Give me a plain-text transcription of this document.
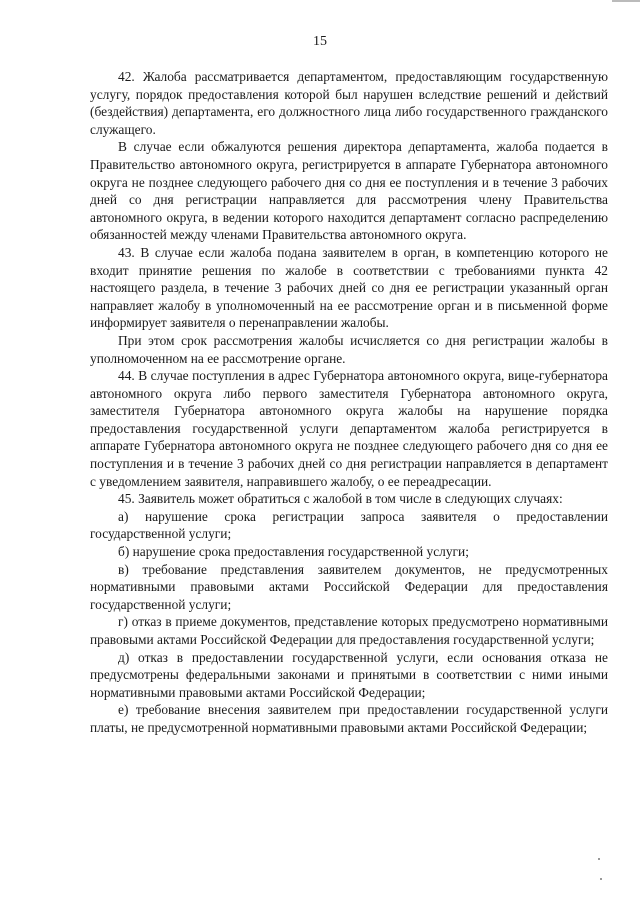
15

42. Жалоба рассматривается департаментом, предоставляющим государственную услугу, порядок предоставления которой был нарушен вследствие решений и действий (бездействия) департамента, его должностного лица либо государственного гражданского служащего.

В случае если обжалуются решения директора департамента, жалоба подается в Правительство автономного округа, регистрируется в аппарате Губернатора автономного округа не позднее следующего рабочего дня со дня ее поступления и в течение 3 рабочих дней со дня регистрации направляется для рассмотрения члену Правительства автономного округа, в ведении которого находится департамент согласно распределению обязанностей между членами Правительства автономного округа.

43. В случае если жалоба подана заявителем в орган, в компетенцию которого не входит принятие решения по жалобе в соответствии с требованиями пункта 42 настоящего раздела, в течение 3 рабочих дней со дня ее регистрации указанный орган направляет жалобу в уполномоченный на ее рассмотрение орган и в письменной форме информирует заявителя о перенаправлении жалобы.

При этом срок рассмотрения жалобы исчисляется со дня регистрации жалобы в уполномоченном на ее рассмотрение органе.

44. В случае поступления в адрес Губернатора автономного округа, вице-губернатора автономного округа либо первого заместителя Губернатора автономного округа, заместителя Губернатора автономного округа жалобы на нарушение порядка предоставления государственной услуги департаментом жалоба регистрируется в аппарате Губернатора автономного округа не позднее следующего рабочего дня со дня ее поступления и в течение 3 рабочих дней со дня регистрации направляется в департамент с уведомлением заявителя, направившего жалобу, о ее переадресации.

45. Заявитель может обратиться с жалобой в том числе в следующих случаях:

а) нарушение срока регистрации запроса заявителя о предоставлении государственной услуги;

б) нарушение срока предоставления государственной услуги;

в) требование представления заявителем документов, не предусмотренных нормативными правовыми актами Российской Федерации для предоставления государственной услуги;

г) отказ в приеме документов, представление которых предусмотрено нормативными правовыми актами Российской Федерации для предоставления государственной услуги;

д) отказ в предоставлении государственной услуги, если основания отказа не предусмотрены федеральными законами и принятыми в соответствии с ними иными нормативными правовыми актами Российской Федерации;

е) требование внесения заявителем при предоставлении государственной услуги платы, не предусмотренной нормативными правовыми актами Российской Федерации;
